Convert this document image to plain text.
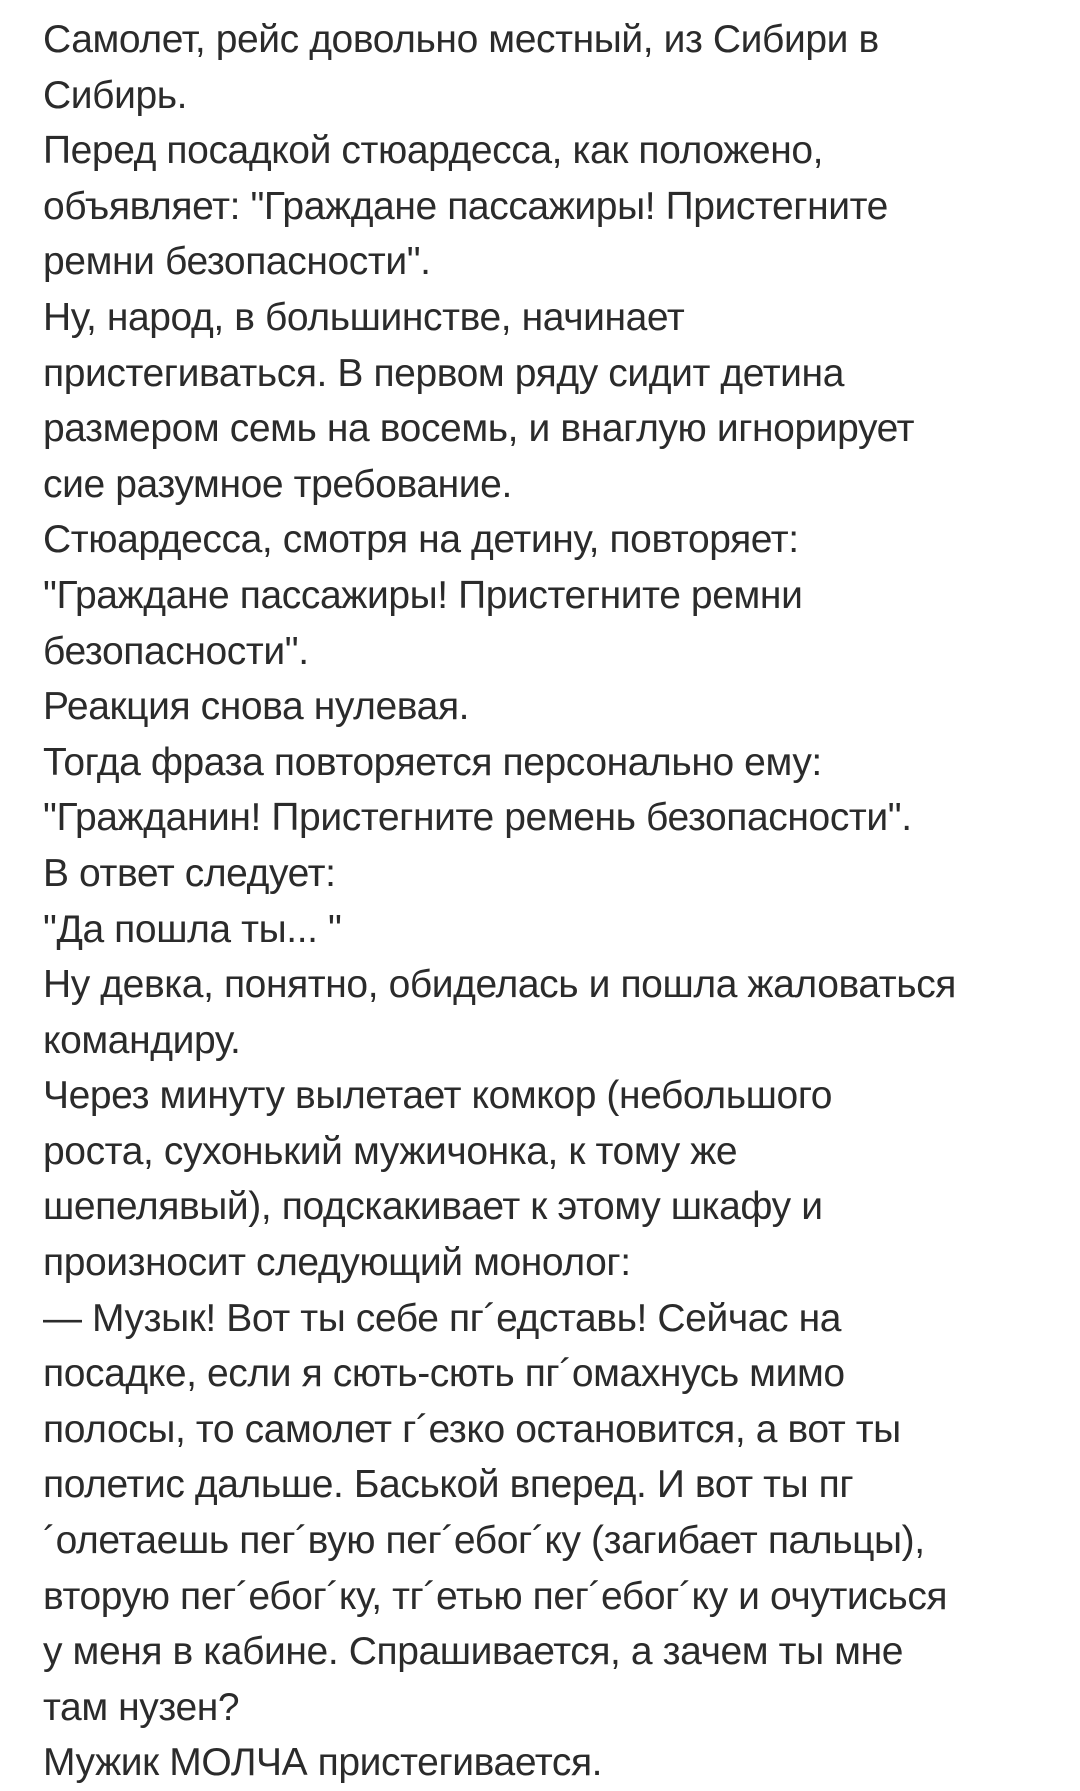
Самолет, рейс довольно местный, из Сибири в
Сибирь.
Перед посадкой стюардесса, как положено,
объявляет: "Граждане пассажиры! Пристегните
ремни безопасности".
Ну, народ, в большинстве, начинает
пристегиваться. В первом ряду сидит детина
размером семь на восемь, и внаглую игнорирует
сие разумное требование.
Стюардесса, смотря на детину, повторяет:
"Граждане пассажиры! Пристегните ремни
безопасности".
Реакция снова нулевая.
Тогда фраза повторяется персонально ему:
"Гражданин! Пристегните ремень безопасности".
В ответ следует:
"Да пошла ты... "
Ну девка, понятно, обиделась и пошла жаловаться
командиру.
Через минуту вылетает комкор (небольшого
роста, сухонький мужичонка, к тому же
шепелявый), подскакивает к этому шкафу и
произносит следующий монолог:
— Музык! Вот ты себе пг´едставь! Сейчас на
посадке, если я сють-сють пг´омахнусь мимо
полосы, то самолет г´езко остановится, а вот ты
полетис дальше. Баськой вперед. И вот ты пг
´олетаешь пег´вую пег´ебог´ку (загибает пальцы),
вторую пег´ебог´ку, тг´етью пег´ебог´ку и очутисься
у меня в кабине. Спрашивается, а зачем ты мне
там нузен?
Мужик МОЛЧА пристегивается.
